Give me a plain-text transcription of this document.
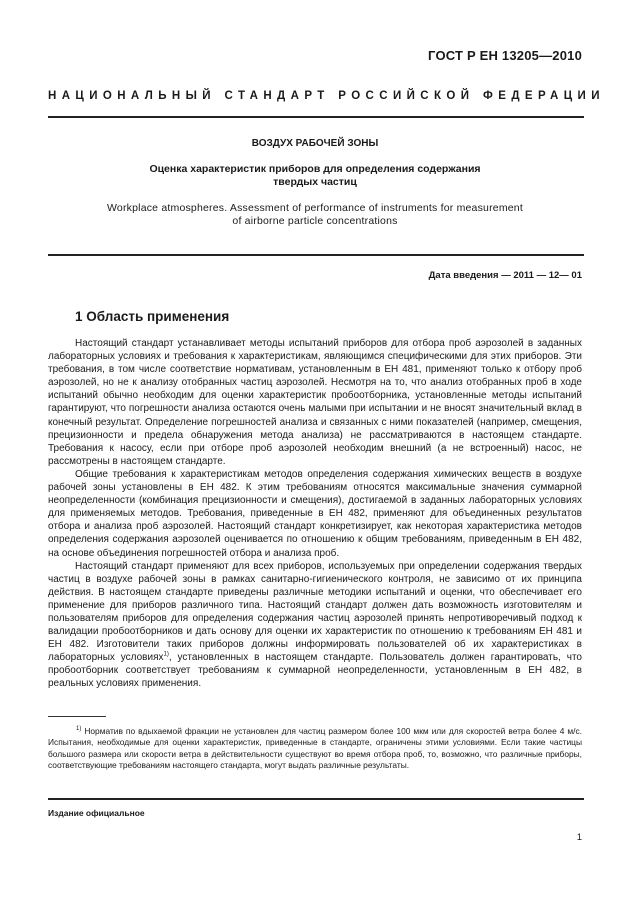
ГОСТ Р ЕН 13205—2010
НАЦИОНАЛЬНЫЙ СТАНДАРТ РОССИЙСКОЙ ФЕДЕРАЦИИ
ВОЗДУХ РАБОЧЕЙ ЗОНЫ
Оценка характеристик приборов для определения содержания
твердых частиц
Workplace atmospheres. Assessment of performance of instruments for measurement
of airborne particle concentrations
Дата введения — 2011 — 12— 01
1 Область применения

Настоящий стандарт устанавливает методы испытаний приборов для отбора проб аэрозолей в заданных лабораторных условиях и требования к характеристикам, являющимся специфическими для этих приборов. Эти требования, в том числе соответствие нормативам, установленным в ЕН 481, применяют только к отбору проб аэрозолей, но не к анализу отобранных частиц аэрозолей. Несмотря на то, что анализ отобранных проб в ходе испытаний обычно необходим для оценки характеристик пробоотборника, установленные методы испытаний гарантируют, что погрешности анализа остаются очень малыми при испытании и не вносят значительный вклад в конечный результат. Определение погрешностей анализа и связанных с ними показателей (например, смещения, прецизионности и предела обнаружения метода анализа) не рассматриваются в настоящем стандарте. Требования к насосу, если при отборе проб аэрозолей необходим внешний (а не встроенный) насос, не рассмотрены в настоящем стандарте.

Общие требования к характеристикам методов определения содержания химических веществ в воздухе рабочей зоны установлены в ЕН 482. К этим требованиям относятся максимальные значения суммарной неопределенности (комбинация прецизионности и смещения), достигаемой в заданных лабораторных условиях для применяемых методов. Требования, приведенные в ЕН 482, применяют для объединенных результатов отбора и анализа проб аэрозолей. Настоящий стандарт конкретизирует, как некоторая характеристика методов определения содержания аэрозолей оценивается по отношению к общим требованиям, приведенным в ЕН 482, на основе объединения погрешностей отбора и анализа проб.

Настоящий стандарт применяют для всех приборов, используемых при определении содержания твердых частиц в воздухе рабочей зоны в рамках санитарно-гигиенического контроля, не зависимо от их принципа действия. В настоящем стандарте приведены различные методики испытаний и оценки, что обеспечивает его применение для приборов различного типа. Настоящий стандарт должен дать возможность изготовителям и пользователям приборов для определения содержания частиц аэрозолей принять непротиворечивый подход к валидации пробоотборников и дать основу для оценки их характеристик по отношению к требованиям ЕН 481 и ЕН 482. Изготовители таких приборов должны информировать пользователей об их характеристиках в лабораторных условиях$^{1)}$, установленных в настоящем стандарте. Пользователь должен гарантировать, что пробоотборник соответствует требованиям к суммарной неопределенности, установленным в ЕН 482, в реальных условиях применения.

$^{1)}$ Норматив по вдыхаемой фракции не установлен для частиц размером более 100 мкм или для скоростей ветра более 4 м/с. Испытания, необходимые для оценки характеристик, приведенные в стандарте, ограничены этими условиями. Если такие частицы большого размера или скорости ветра в действительности существуют во время отбора проб, то, возможно, что различные приборы, соответствующие требованиям настоящего стандарта, могут выдать различные результаты.

Издание официальное
1
